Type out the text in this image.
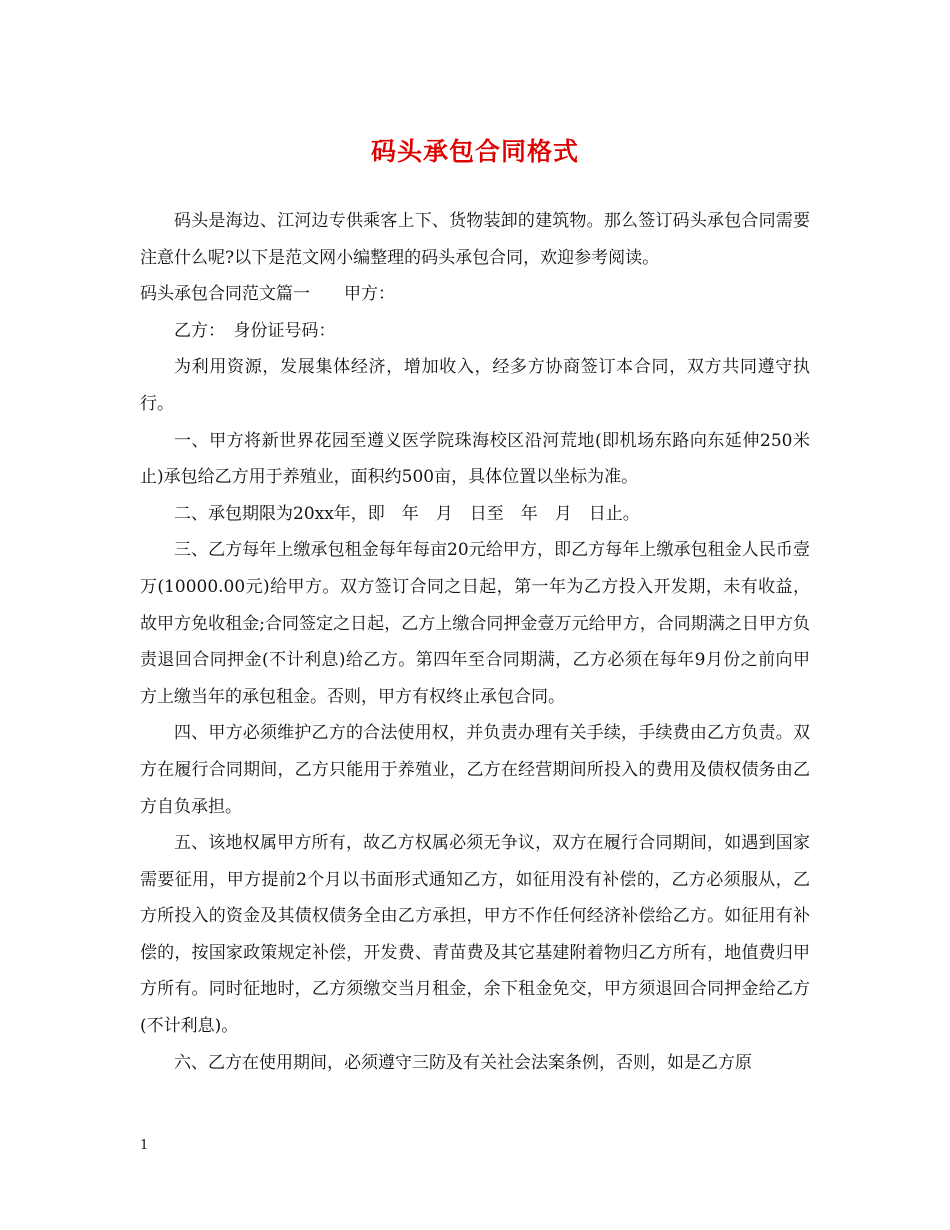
码头承包合同格式

码头是海边、江河边专供乘客上下、货物装卸的建筑物。那么签订码头承包合同需要注意什么呢?以下是范文网小编整理的码头承包合同，欢迎参考阅读。

码头承包合同范文篇一　　甲方：

乙方：　身份证号码：

为利用资源，发展集体经济，增加收入，经多方协商签订本合同，双方共同遵守执行。

一、甲方将新世界花园至遵义医学院珠海校区沿河荒地(即机场东路向东延伸250米止)承包给乙方用于养殖业，面积约500亩，具体位置以坐标为准。

二、承包期限为20xx年，即　年　月　日至　年　月　日止。

三、乙方每年上缴承包租金每年每亩20元给甲方，即乙方每年上缴承包租金人民币壹万(10000.00元)给甲方。双方签订合同之日起，第一年为乙方投入开发期，未有收益，故甲方免收租金;合同签定之日起，乙方上缴合同押金壹万元给甲方，合同期满之日甲方负责退回合同押金(不计利息)给乙方。第四年至合同期满，乙方必须在每年9月份之前向甲方上缴当年的承包租金。否则，甲方有权终止承包合同。

四、甲方必须维护乙方的合法使用权，并负责办理有关手续，手续费由乙方负责。双方在履行合同期间，乙方只能用于养殖业，乙方在经营期间所投入的费用及债权债务由乙方自负承担。

五、该地权属甲方所有，故乙方权属必须无争议，双方在履行合同期间，如遇到国家需要征用，甲方提前2个月以书面形式通知乙方，如征用没有补偿的，乙方必须服从，乙方所投入的资金及其债权债务全由乙方承担，甲方不作任何经济补偿给乙方。如征用有补偿的，按国家政策规定补偿，开发费、青苗费及其它基建附着物归乙方所有，地值费归甲方所有。同时征地时，乙方须缴交当月租金，余下租金免交，甲方须退回合同押金给乙方(不计利息)。

六、乙方在使用期间，必须遵守三防及有关社会法案条例，否则，如是乙方原

1
